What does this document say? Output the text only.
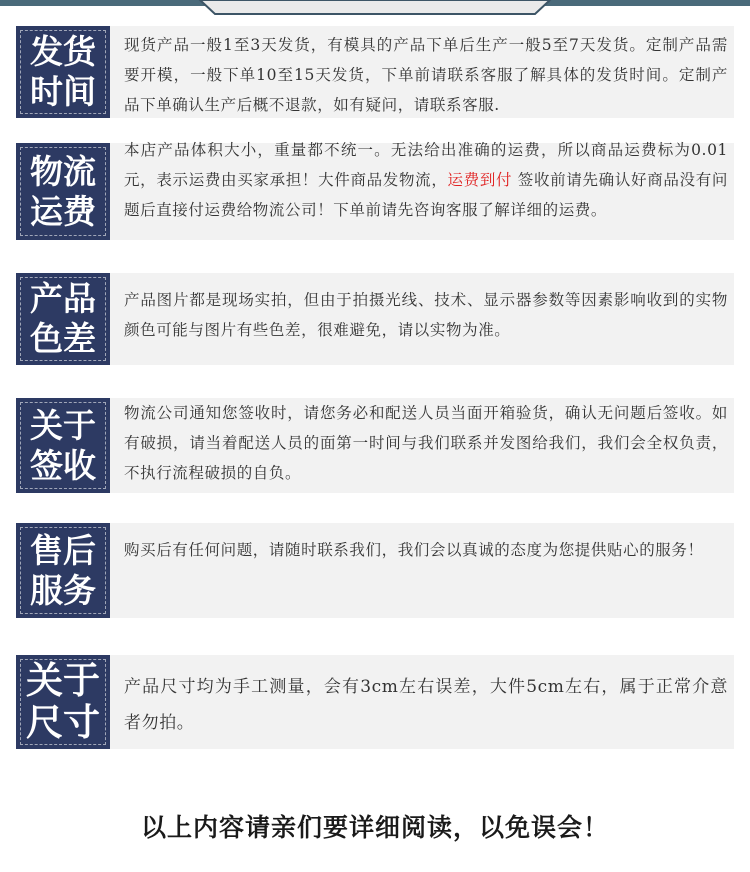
发货
时间
现货产品一般1至3天发货，有模具的产品下单后生产一般5至7天发货。定制产品需要开模，一般下单10至15天发货，下单前请联系客服了解具体的发货时间。定制产品下单确认生产后概不退款，如有疑问，请联系客服.
物流
运费
本店产品体积大小，重量都不统一。无法给出准确的运费，所以商品运费标为0.01元，表示运费由买家承担！大件商品发物流，运费到付 签收前请先确认好商品没有问题后直接付运费给物流公司！下单前请先咨询客服了解详细的运费。
产品
色差
产品图片都是现场实拍，但由于拍摄光线、技术、显示器参数等因素影响收到的实物颜色可能与图片有些色差，很难避免，请以实物为准。
关于
签收
物流公司通知您签收时，请您务必和配送人员当面开箱验货，确认无问题后签收。如有破损，请当着配送人员的面第一时间与我们联系并发图给我们，我们会全权负责，不执行流程破损的自负。
售后
服务
购买后有任何问题，请随时联系我们，我们会以真诚的态度为您提供贴心的服务！
关于
尺寸
产品尺寸均为手工测量，会有3cm左右误差，大件5cm左右，属于正常介意者勿拍。
以上内容请亲们要详细阅读，以免误会！
